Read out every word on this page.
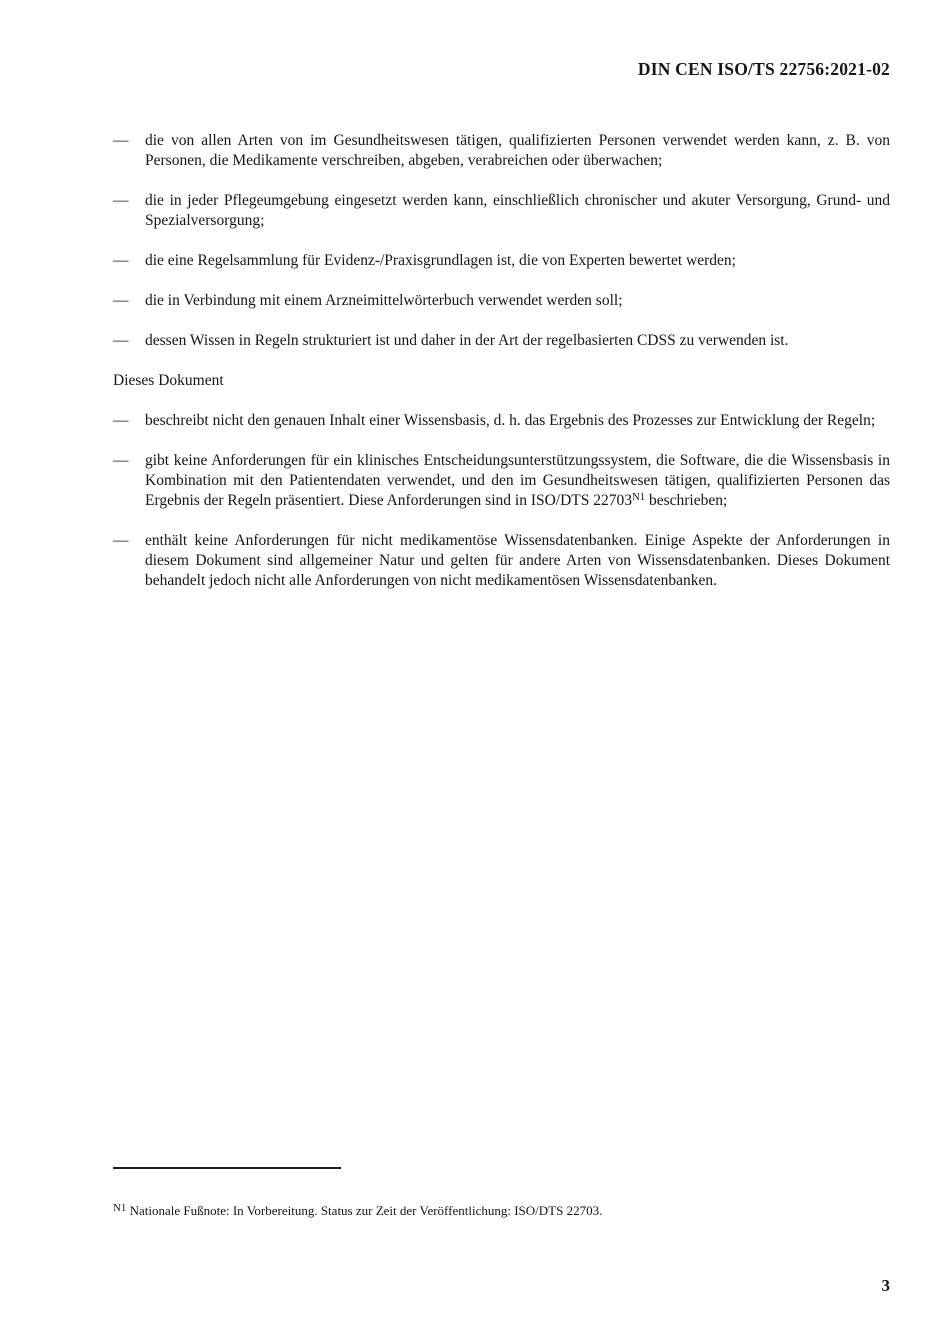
DIN CEN ISO/TS 22756:2021-02
—	die von allen Arten von im Gesundheitswesen tätigen, qualifizierten Personen verwendet werden kann, z. B. von Personen, die Medikamente verschreiben, abgeben, verabreichen oder überwachen;
—	die in jeder Pflegeumgebung eingesetzt werden kann, einschließlich chronischer und akuter Versorgung, Grund- und Spezialversorgung;
—	die eine Regelsammlung für Evidenz-/Praxisgrundlagen ist, die von Experten bewertet werden;
—	die in Verbindung mit einem Arzneimittelwörterbuch verwendet werden soll;
—	dessen Wissen in Regeln strukturiert ist und daher in der Art der regelbasierten CDSS zu verwenden ist.

Dieses Dokument

—	beschreibt nicht den genauen Inhalt einer Wissensbasis, d. h. das Ergebnis des Prozesses zur Entwicklung der Regeln;
—	gibt keine Anforderungen für ein klinisches Entscheidungsunterstützungssystem, die Software, die die Wissensbasis in Kombination mit den Patientendaten verwendet, und den im Gesundheitswesen tätigen, qualifizierten Personen das Ergebnis der Regeln präsentiert. Diese Anforderungen sind in ISO/DTS 22703$^{N1}$ beschrieben;
—	enthält keine Anforderungen für nicht medikamentöse Wissensdatenbanken. Einige Aspekte der Anforderungen in diesem Dokument sind allgemeiner Natur und gelten für andere Arten von Wissensdatenbanken. Dieses Dokument behandelt jedoch nicht alle Anforderungen von nicht medikamentösen Wissensdatenbanken.

$^{N1}$ Nationale Fußnote: In Vorbereitung. Status zur Zeit der Veröffentlichung: ISO/DTS 22703.

3
